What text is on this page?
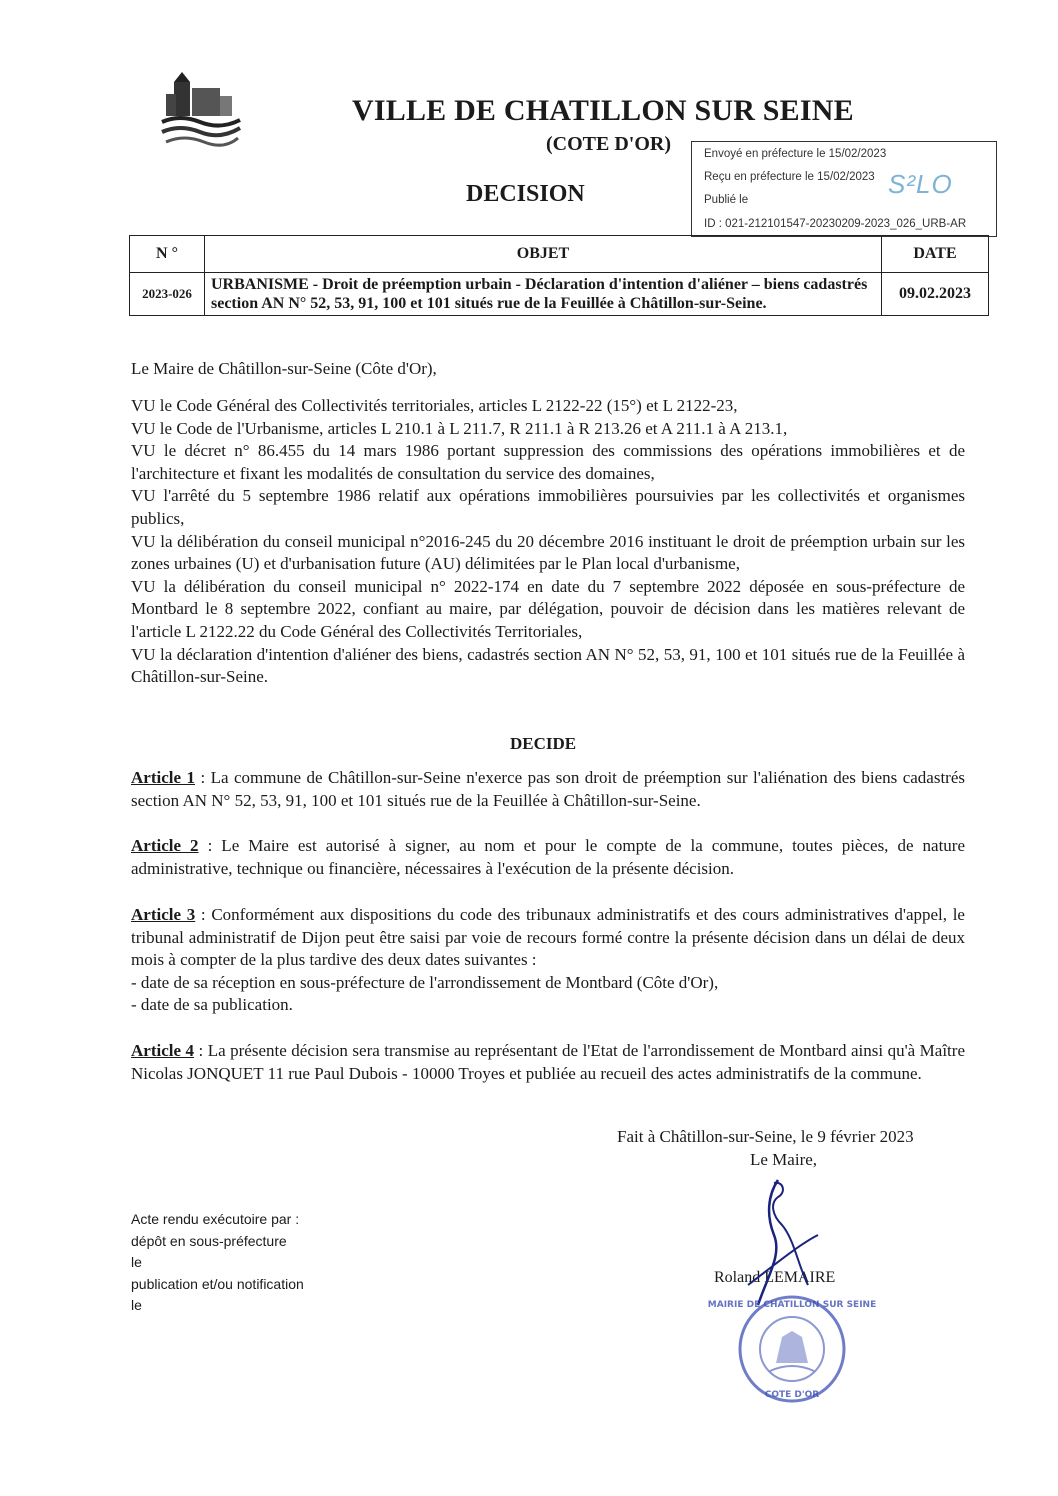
VILLE DE CHATILLON SUR SEINE
(COTE D'OR)
DECISION
Envoyé en préfecture le 15/02/2023
Reçu en préfecture le 15/02/2023
Publié le
ID : 021-212101547-20230209-2023_026_URB-AR
S²LO
N °	OBJET	DATE
2023-026	URBANISME - Droit de préemption urbain - Déclaration d'intention d'aliéner – biens cadastrés section AN N° 52, 53, 91, 100 et 101 situés rue de la Feuillée à Châtillon-sur-Seine.	09.02.2023
Le Maire de Châtillon-sur-Seine (Côte d'Or),
VU le Code Général des Collectivités territoriales, articles L 2122-22 (15°) et L 2122-23,
VU le Code de l'Urbanisme, articles L 210.1 à L 211.7, R 211.1 à R 213.26 et A 211.1 à A 213.1,
VU le décret n° 86.455 du 14 mars 1986 portant suppression des commissions des opérations immobilières et de l'architecture et fixant les modalités de consultation du service des domaines,
VU l'arrêté du 5 septembre 1986 relatif aux opérations immobilières poursuivies par les collectivités et organismes publics,
VU la délibération du conseil municipal n°2016-245 du 20 décembre 2016 instituant le droit de préemption urbain sur les zones urbaines (U) et d'urbanisation future (AU) délimitées par le Plan local d'urbanisme,
VU la délibération du conseil municipal n° 2022-174 en date du 7 septembre 2022 déposée en sous-préfecture de Montbard le 8 septembre 2022, confiant au maire, par délégation, pouvoir de décision dans les matières relevant de l'article L 2122.22 du Code Général des Collectivités Territoriales,
VU la déclaration d'intention d'aliéner des biens, cadastrés section AN N° 52, 53, 91, 100 et 101 situés rue de la Feuillée à Châtillon-sur-Seine.
DECIDE
Article 1 : La commune de Châtillon-sur-Seine n'exerce pas son droit de préemption sur l'aliénation des biens cadastrés section AN N° 52, 53, 91, 100 et 101 situés rue de la Feuillée à Châtillon-sur-Seine.
Article 2 : Le Maire est autorisé à signer, au nom et pour le compte de la commune, toutes pièces, de nature administrative, technique ou financière, nécessaires à l'exécution de la présente décision.
Article 3 : Conformément aux dispositions du code des tribunaux administratifs et des cours administratives d'appel, le tribunal administratif de Dijon peut être saisi par voie de recours formé contre la présente décision dans un délai de deux mois à compter de la plus tardive des deux dates suivantes :
- date de sa réception en sous-préfecture de l'arrondissement de Montbard (Côte d'Or),
- date de sa publication.
Article 4 : La présente décision sera transmise au représentant de l'Etat de l'arrondissement de Montbard ainsi qu'à Maître Nicolas JONQUET 11 rue Paul Dubois - 10000 Troyes et publiée au recueil des actes administratifs de la commune.
Fait à Châtillon-sur-Seine, le 9 février 2023
Le Maire,
Roland LEMAIRE
MAIRIE DE CHATILLON SUR SEINE
COTE D'OR
Acte rendu exécutoire par :
dépôt en sous-préfecture
le
publication et/ou notification
le
